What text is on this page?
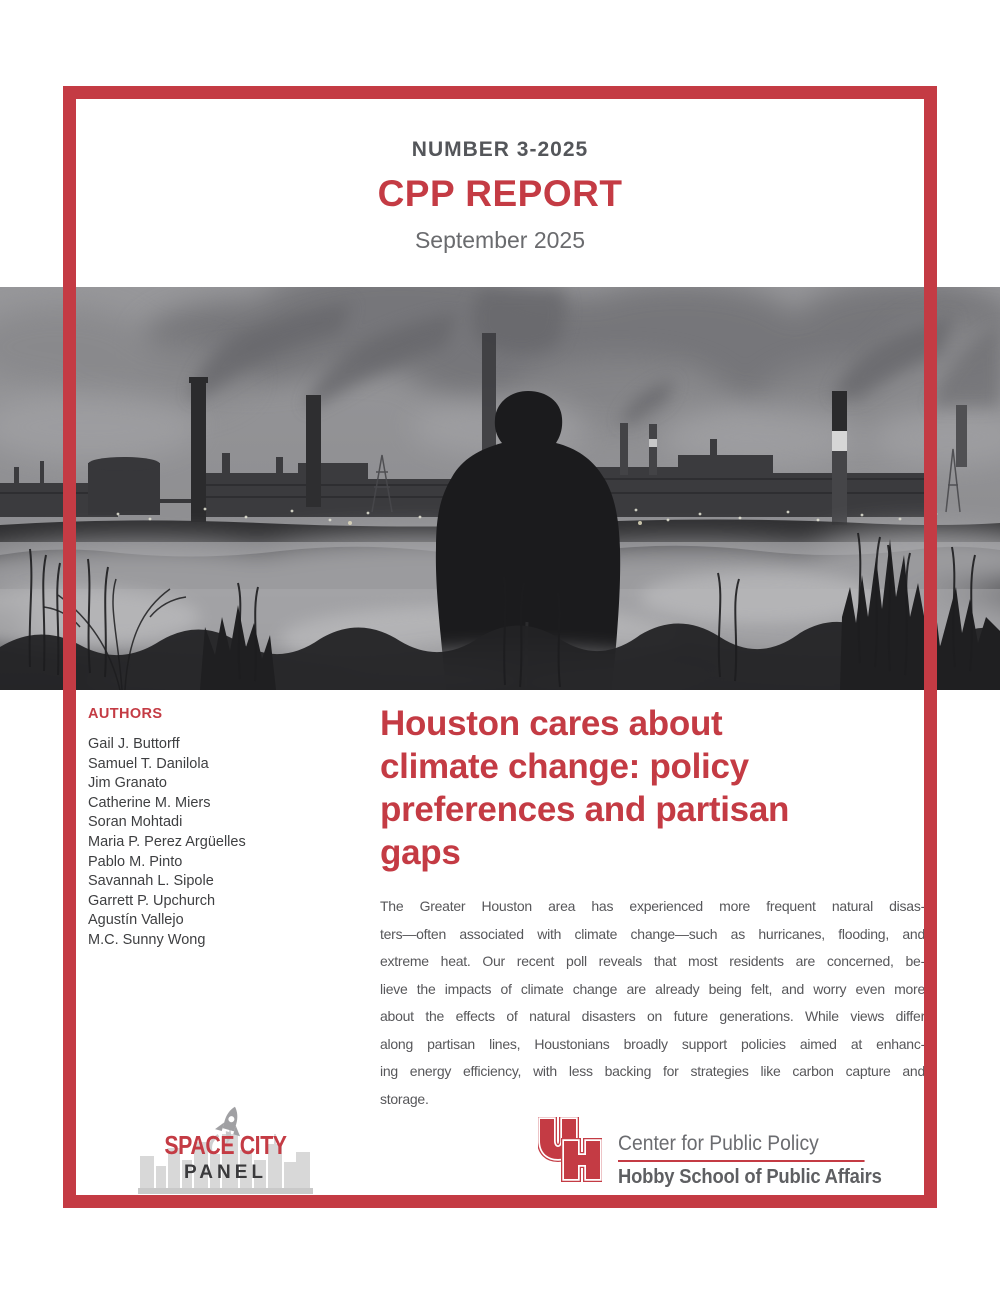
NUMBER 3-2025
CPP REPORT
September 2025
AUTHORS
Gail J. Buttorff
Samuel T. Danilola
Jim Granato
Catherine M. Miers
Soran Mohtadi
Maria P. Perez Argüelles
Pablo M. Pinto
Savannah L. Sipole
Garrett P. Upchurch
Agustín Vallejo
M.C. Sunny Wong
Houston cares about
climate change: policy
preferences and partisan
gaps
The Greater Houston area has experienced more frequent natural disas-
ters—often associated with climate change—such as hurricanes, flooding, and
extreme heat. Our recent poll reveals that most residents are concerned, be-
lieve the impacts of climate change are already being felt, and worry even more
about the effects of natural disasters on future generations. While views differ
along partisan lines, Houstonians broadly support policies aimed at enhanc-
ing energy efficiency, with less backing for strategies like carbon capture and
storage.
SPACE CITY
PANEL
Center for Public Policy
Hobby School of Public Affairs
